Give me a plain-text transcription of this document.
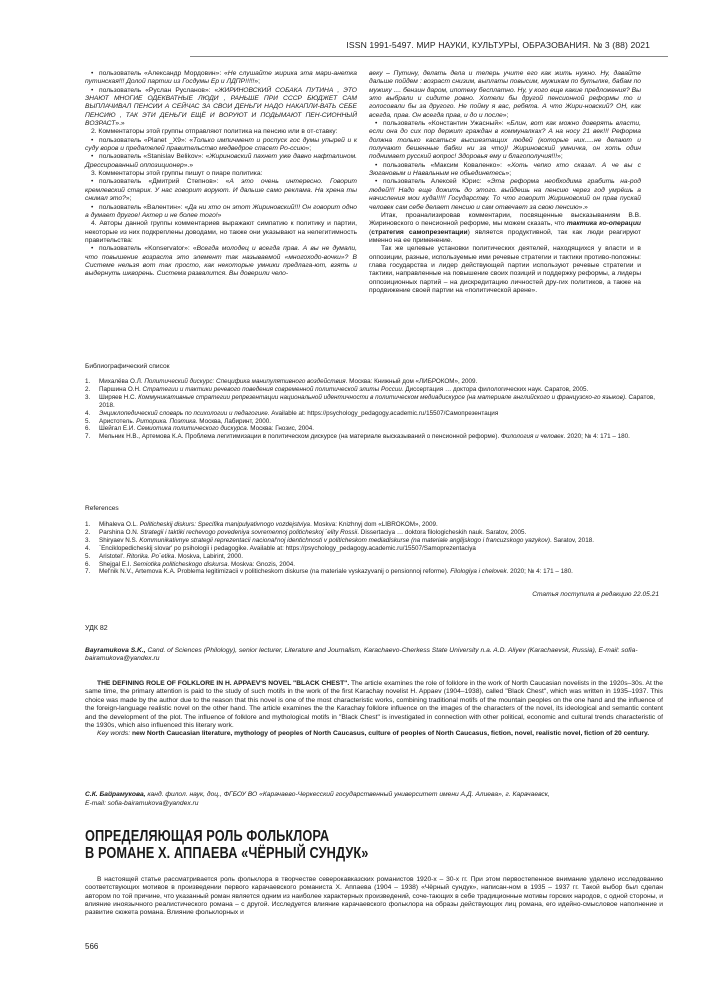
ISSN 1991-5497. МИР НАУКИ, КУЛЬТУРЫ, ОБРАЗОВАНИЯ. № 3 (88) 2021

• пользователь «Александр Мордовин»: «Не слушайте жирика эта мари-анетка путинская!!! Долой партии из Госдумы Ер и ЛДПР!!!!!»;

• пользователь «Руслан Русланов»: «ЖИРИНОВСКИЙ СОБАКА ПУТИНА , ЭТО ЗНАЮТ МНОГИЕ ОДЕКВАТНЫЕ ЛЮДИ , РАНЬШЕ ПРИ СССР БЮДЖЕТ САМ ВЫПЛАЧИВАЛ ПЕНСИИ А СЕЙЧАС ЗА СВОИ ДЕНЬГИ НАДО НАКАПЛИ-ВАТЬ СЕБЕ ПЕНСИЮ , ТАК ЭТИ ДЕНЬГИ ЕЩЁ И ВОРУЮТ И ПОДЫМАЮТ ПЕН-СИОННЫЙ ВОЗРАСТ».»

2. Комментаторы этой группы отправляют политика на пенсию или в от-ставку:

• пользователь «Planet _X9»: «Только импичмент и роспуск гос думы упырей и к суду воров и предателей правительство медведрое спасет Ро-ссию»;

• пользователь «Stanislav Belikov»: «Жириновский пахнет уже давно нафталином. Дрессированный оппозиционер».»

3. Комментаторы этой группы пишут о пиаре политика:

• пользователь «Дмитрий Степнов»: «А это очень интересно. Говорит кремлевский старик. У нас говорит воруют. И дальше само реклама. На хрена ты снимал это?»;

• пользователь «Валентин»: «Да ни хто он этот Жириновский!!! Он говорит одно а думает другое! Актер и не более того!»

4. Авторы данной группы комментариев выражают симпатию к политику и партии, некоторые из них подкреплены доводами, но также они указывают на нелегитимность правительства:

• пользователь «Konservator»: «Всегда молодец и всегда прав. А вы не думали, что повышение возраста это элемент так называемой «многоходо-вочки»? В Системе нельзя вот так просто, как некоторые умники предлага-ют, взять и выдернуть шкворень. Система развалится. Вы доверили чело-

веку – Путину, делать дела и теперь учите его как жить нужно. Ну, давайте дальше пойдем : возраст снизим, выплаты повысим, мужикам по бутылке, бабам по мужику .... бензин даром, ипотеку бесплатно. Ну, у кого еще какие предложения? Вы это выбрали и сидите ровно. Хотели бы другой пенсионной реформы то и голосовали бы за другого. Не пойму я вас, ребята. А что Жири-новский? ОН, как всегда, прав. Он всегда прав, и до и после»;

• пользователь «Константин Ужасный»: «Блин, вот как можно доверять власти, если она до сих пор держит граждан в коммуналках? А на носу 21 век!!! Реформа должна только касаться высшеэтащих людей (которые них.....не делают и получают бешенные бабки ни за что)! Жириновский умничка, он хоть один поднимает русский вопрос! Здоровья ему и благополучия!!!»;

• пользователь «Максим Коваленко»: «Хоть чепко кто сказал. А че вы с Зюгановым и Навальным не обьединетесь»;

• пользователь Алексей Юрис: «Эта реформа необходима грабить на-род людей!!! Надо еще дожить до этого. выйдешь на пенсию через год умрёшь а начисления мои куда!!!!! Государству. То что говорит Жириновский он прав пускай человек сам себе делает пенсию и сам отвечает за свою пенсию».»

Итак, проанализировав комментарии, посвященные высказываниям В.В. Жириновского о пенсионной реформе, мы можем сказать, что тактика ко-операции (стратегия самопрезентации) является продуктивной, так как люди реагируют именно на ее применение.

Так же целевые установки политических деятелей, находящихся у власти и в оппозиции, разные, используемые ими речевые стратегии и тактики противо-положны: глава государства и лидер действующей партии используют речевые стратегии и тактики, направленные на повышение своих позиций и поддержку реформы, а лидеры оппозиционных партий – на дискредитацию личностей дру-гих политиков, а также на продвижение своей партии на «политической арене».

Библиографический список
1. Михалёва О.Л. Политический дискурс: Специфика манипулятивного воздействия. Москва: Книжный дом «ЛИБРОКОМ», 2009.
2. Паршина О.Н. Стратегии и тактики речевого поведения современной политической элиты России. Диссертация … доктора филологических наук. Саратов, 2005.
3. Ширяев Н.С. Коммуникативные стратегии репрезентации национальной идентичности в политическом медиадискурсе (на материале английского и французско-го языков). Саратов, 2018.
4. Энциклопедический словарь по психологии и педагогике. Available at: https://psychology_pedagogy.academic.ru/15507/Самопрезентация
5. Аристотель. Риторика. Поэтика. Москва, Лабиринт, 2000.
6. Шейгал Е.И. Семиотика политического дискурса. Москва: Гнозис, 2004.
7. Мельник Н.В., Артемова К.А. Проблема легитимизации в политическом дискурсе (на материале высказываний о пенсионной реформе). Филология и человек. 2020; № 4: 171 – 180.
References
1. Mihaleva O.L. Politicheskij diskurs: Specifika manipulyativnogo vozdejstviya. Moskva: Knizhnyj dom «LIBROKOM», 2009.
2. Parshina O.N. Strategii i taktiki rechevogo povedeniya sovremennoj politicheskoj `elity Rossii. Dissertaciya … doktora filologicheskih nauk. Saratov, 2005.
3. Shiryaev N.S. Kommunikativnye strategii reprezentacii nacional'noj identichnosti v politicheskom mediadiskurse (na materiale anglijskogo i francuzskogo yazykov). Saratov, 2018.
4. `Enciklopedicheskij slovar' po psihologii i pedagogike. Available at: https://psychology_pedagogy.academic.ru/15507/Samoprezentaciya
5. Aristotel'. Ritorika. Po`etika. Moskva, Labirint, 2000.
6. Shejgal E.I. Semiotika politicheskogo diskursa. Moskva: Gnozis, 2004.
7. Mel'nik N.V., Artemova K.A. Problema legitimizacii v politicheskom diskurse (na materiale vyskazyvanij o pensionnoj reforme). Filologiya i chelovek. 2020; № 4: 171 – 180.
Статья поступила в редакцию 22.05.21
УДК 82
Bayramukova S.K., Cand. of Sciences (Philology), senior lecturer, Literature and Journalism, Karachaevo-Cherkess State University n.a. A.D. Aliyev (Karachaevsk, Russia), E-mail: sofia-bairamukova@yandex.ru

THE DEFINING ROLE OF FOLKLORE IN H. APPAEV'S NOVEL "BLACK CHEST". The article examines the role of folklore in the work of North Caucasian novelists in the 1920s–30s. At the same time, the primary attention is paid to the study of such motifs in the work of the first Karachay novelist H. Appaev (1904–1938), called "Black Chest", which was written in 1935–1937. This choice was made by the author due to the reason that this novel is one of the most characteristic works, combining traditional motifs of the mountain peoples on the one hand and the influence of the foreign-language realistic novel on the other hand. The article examines the the Karachay folklore influence on the images of the characters of the novel, its ideological and semantic content and the development of the plot. The influence of folklore and mythological motifs in "Black Chest" is investigated in connection with other political, economic and cultural trends characteristic of the 1930s, which also influenced this literary work.

Key words: new North Caucasian literature, mythology of peoples of North Caucasus, culture of peoples of North Caucasus, fiction, novel, realistic novel, fiction of 20 century.

С.К. Байрамукова, канд. филол. наук, доц., ФГБОУ ВО «Карачаево-Черкесский государственный университет имени А.Д. Алиева», г. Карачаевск,
E-mail: sofia-bairamukova@yandex.ru
ОПРЕДЕЛЯЮЩАЯ РОЛЬ ФОЛЬКЛОРА
В РОМАНЕ Х. АППАЕВА «ЧЁРНЫЙ СУНДУК»

В настоящей статье рассматривается роль фольклора в творчестве северокавказских романистов 1920-х – 30-х гг. При этом первостепенное внимание уделено исследованию соответствующих мотивов в произведении первого карачаевского романиста Х. Аппаева (1904 – 1938) «Чёрный сундук», написан-ном в 1935 – 1937 гг. Такой выбор был сделан автором по той причине, что указанный роман является одним из наиболее характерных произведений, соче-тающих в себе традиционные мотивы горских народов, с одной стороны, и влияние иноязычного реалистического романа – с другой. Исследуется влияние карачаевского фольклора на образы действующих лиц романа, его идейно-смысловое наполнение и развитие сюжета романа. Влияние фольклорных и

566
